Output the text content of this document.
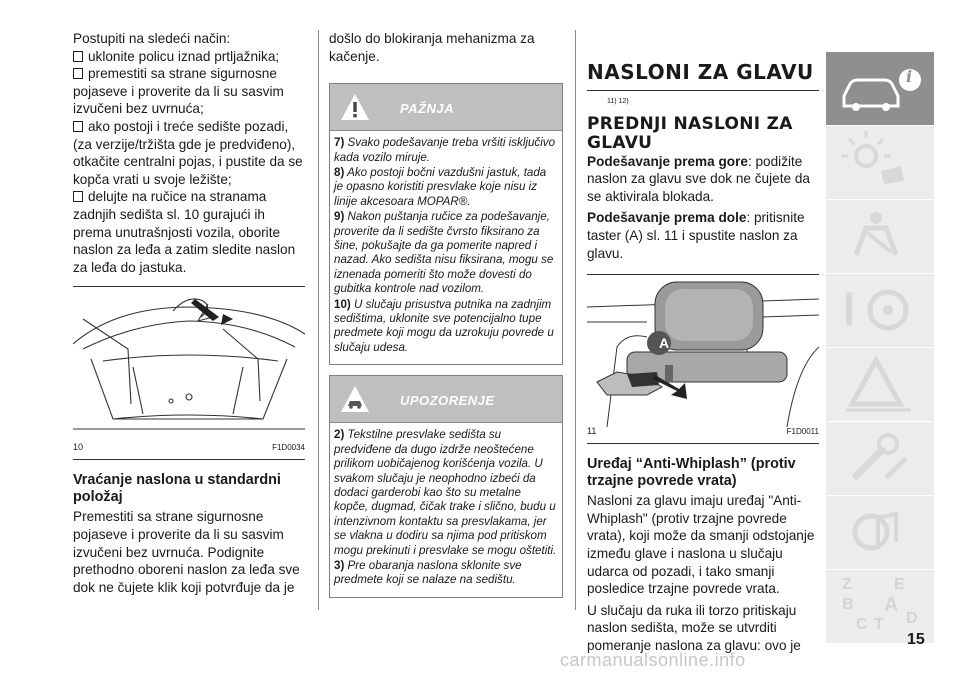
Postupiti na sledeći način:

uklonite policu iznad prtljažnika;

premestiti sa strane sigurnosne pojaseve i proverite da li su sasvim izvučeni bez uvrnuća;

ako postoji i treće sedište pozadi, (za verzije/tržišta gde je predviđeno), otkačite centralni pojas, i pustite da se kopča vrati u svoje ležište;

delujte na ručice na stranama zadnjih sedišta sl. 10 gurajući ih prema unutrašnjosti vozila, oborite naslon za leđa a zatim sledite naslon za leđa do jastuka.

10	F1D0034
Vraćanje naslona u standardni položaj

Premestiti sa strane sigurnosne pojaseve i proverite da li su sasvim izvučeni bez uvrnuća. Podignite prethodno oboreni naslon za leđa sve dok ne čujete klik koji potvrđuje da je

došlo do blokiranja mehanizma za kačenje.

PAŽNJA

7) Svako podešavanje treba vršiti isključivo kada vozilo miruje.

8) Ako postoji bočni vazdušni jastuk, tada je opasno koristiti presvlake koje nisu iz linije akcesoara MOPAR®.

9) Nakon puštanja ručice za podešavanje, proverite da li sedište čvrsto fiksirano za šine, pokušajte da ga pomerite napred i nazad. Ako sedišta nisu fiksirana, mogu se iznenada pomeriti što može dovesti do gubitka kontrole nad vozilom.

10) U slučaju prisustva putnika na zadnjim sedištima, uklonite sve potencijalno tupe predmete koji mogu da uzrokuju povrede u slučaju udesa.

UPOZORENJE

2) Tekstilne presvlake sedišta su predviđene da dugo izdrže neoštećene prilikom uobičajenog korišćenja vozila. U svakom slučaju je neophodno izbeći da dodaci garderobi kao što su metalne kopče, dugmad, čičak trake i slično, budu u intenzivnom kontaktu sa presvlakama, jer se vlakna u dodiru sa njima pod pritiskom mogu prekinuti i presvlake se mogu oštetiti.

3) Pre obaranja naslona sklonite sve predmete koji se nalaze na sedištu.

NASLONI ZA GLAVU
11) 12)
PREDNJI NASLONI ZA GLAVU

Podešavanje prema gore: podižite naslon za glavu sve dok ne čujete da se aktivirala blokada.

Podešavanje prema dole: pritisnite taster (A) sl. 11 i spustite naslon za glavu.

A
11	F1D0011
Uređaj “Anti-Whiplash” (protiv trzajne povrede vrata)

Nasloni za glavu imaju uređaj "Anti-Whiplash" (protiv trzajne povrede vrata), koji može da smanji odstojanje između glave i naslona u slučaju udarca od pozadi, i tako smanji posledice trzajne povrede vrata.

U slučaju da ruka ili torzo pritiskaju naslon sedišta, može se utvrditi pomeranje naslona za glavu: ovo je

i
Z	E
B A
C T D
15
carmanualsonline.info
